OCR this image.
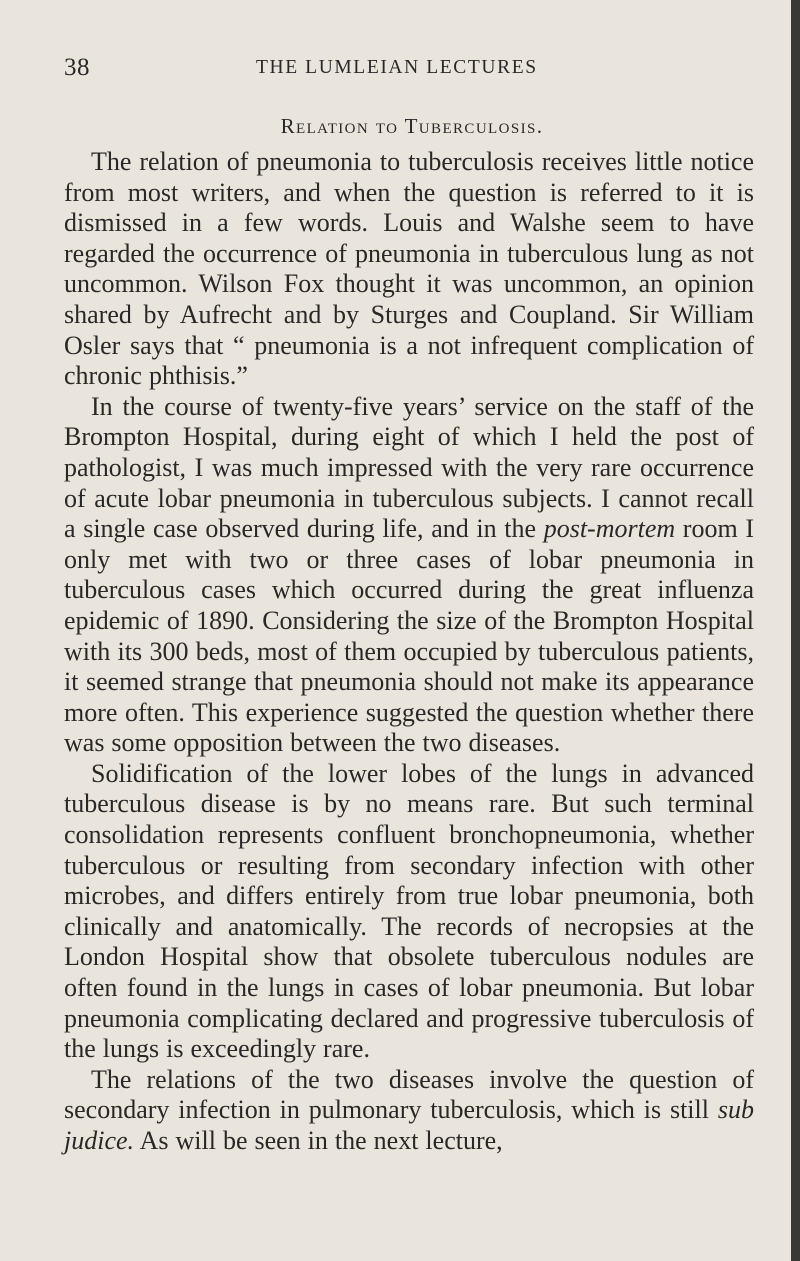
38	THE LUMLEIAN LECTURES
Relation to Tuberculosis.

The relation of pneumonia to tuberculosis receives little notice from most writers, and when the question is referred to it is dismissed in a few words. Louis and Walshe seem to have regarded the occurrence of pneumonia in tuberculous lung as not uncommon. Wilson Fox thought it was uncommon, an opinion shared by Aufrecht and by Sturges and Coupland. Sir William Osler says that “ pneumonia is a not infrequent complication of chronic phthisis.”

In the course of twenty-five years’ service on the staff of the Brompton Hospital, during eight of which I held the post of pathologist, I was much impressed with the very rare occurrence of acute lobar pneumonia in tuberculous subjects. I cannot recall a single case observed during life, and in the post-mortem room I only met with two or three cases of lobar pneumonia in tuberculous cases which occurred during the great influenza epidemic of 1890. Considering the size of the Brompton Hospital with its 300 beds, most of them occupied by tuberculous patients, it seemed strange that pneumonia should not make its appearance more often. This experience suggested the question whether there was some opposition between the two diseases.

Solidification of the lower lobes of the lungs in advanced tuberculous disease is by no means rare. But such terminal consolidation represents confluent bronchopneumonia, whether tuberculous or resulting from secondary infection with other microbes, and differs entirely from true lobar pneumonia, both clinically and anatomically. The records of necropsies at the London Hospital show that obsolete tuberculous nodules are often found in the lungs in cases of lobar pneumonia. But lobar pneumonia complicating declared and progressive tuberculosis of the lungs is exceedingly rare.

The relations of the two diseases involve the question of secondary infection in pulmonary tuberculosis, which is still sub judice. As will be seen in the next lecture,
